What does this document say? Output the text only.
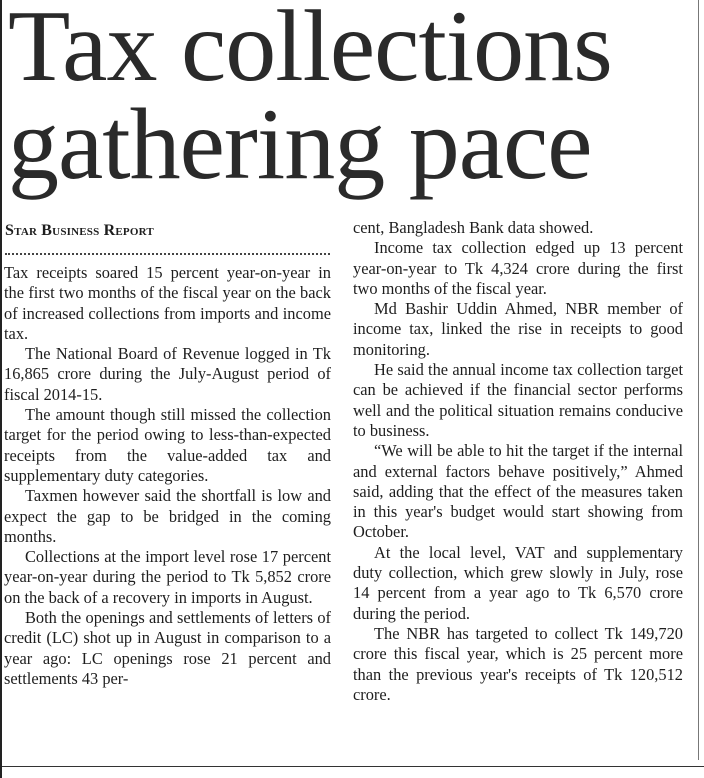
Tax collections
gathering pace
Star Business Report

Tax receipts soared 15 percent year-on-year in the first two months of the fiscal year on the back of increased collections from imports and income tax.

The National Board of Revenue logged in Tk 16,865 crore during the July-August period of fiscal 2014-15.

The amount though still missed the collection target for the period owing to less-than-expected receipts from the value-added tax and supplementary duty categories.

Taxmen however said the shortfall is low and expect the gap to be bridged in the coming months.

Collections at the import level rose 17 percent year-on-year during the period to Tk 5,852 crore on the back of a recovery in imports in August.

Both the openings and settlements of letters of credit (LC) shot up in August in comparison to a year ago: LC openings rose 21 percent and settlements 43 per-

cent, Bangladesh Bank data showed.

Income tax collection edged up 13 percent year-on-year to Tk 4,324 crore during the first two months of the fiscal year.

Md Bashir Uddin Ahmed, NBR member of income tax, linked the rise in receipts to good monitoring.

He said the annual income tax collection target can be achieved if the financial sector performs well and the political situation remains conducive to business.

“We will be able to hit the target if the internal and external factors behave positively,” Ahmed said, adding that the effect of the measures taken in this year's budget would start showing from October.

At the local level, VAT and supplementary duty collection, which grew slowly in July, rose 14 percent from a year ago to Tk 6,570 crore during the period.

The NBR has targeted to collect Tk 149,720 crore this fiscal year, which is 25 percent more than the previous year's receipts of Tk 120,512 crore.
